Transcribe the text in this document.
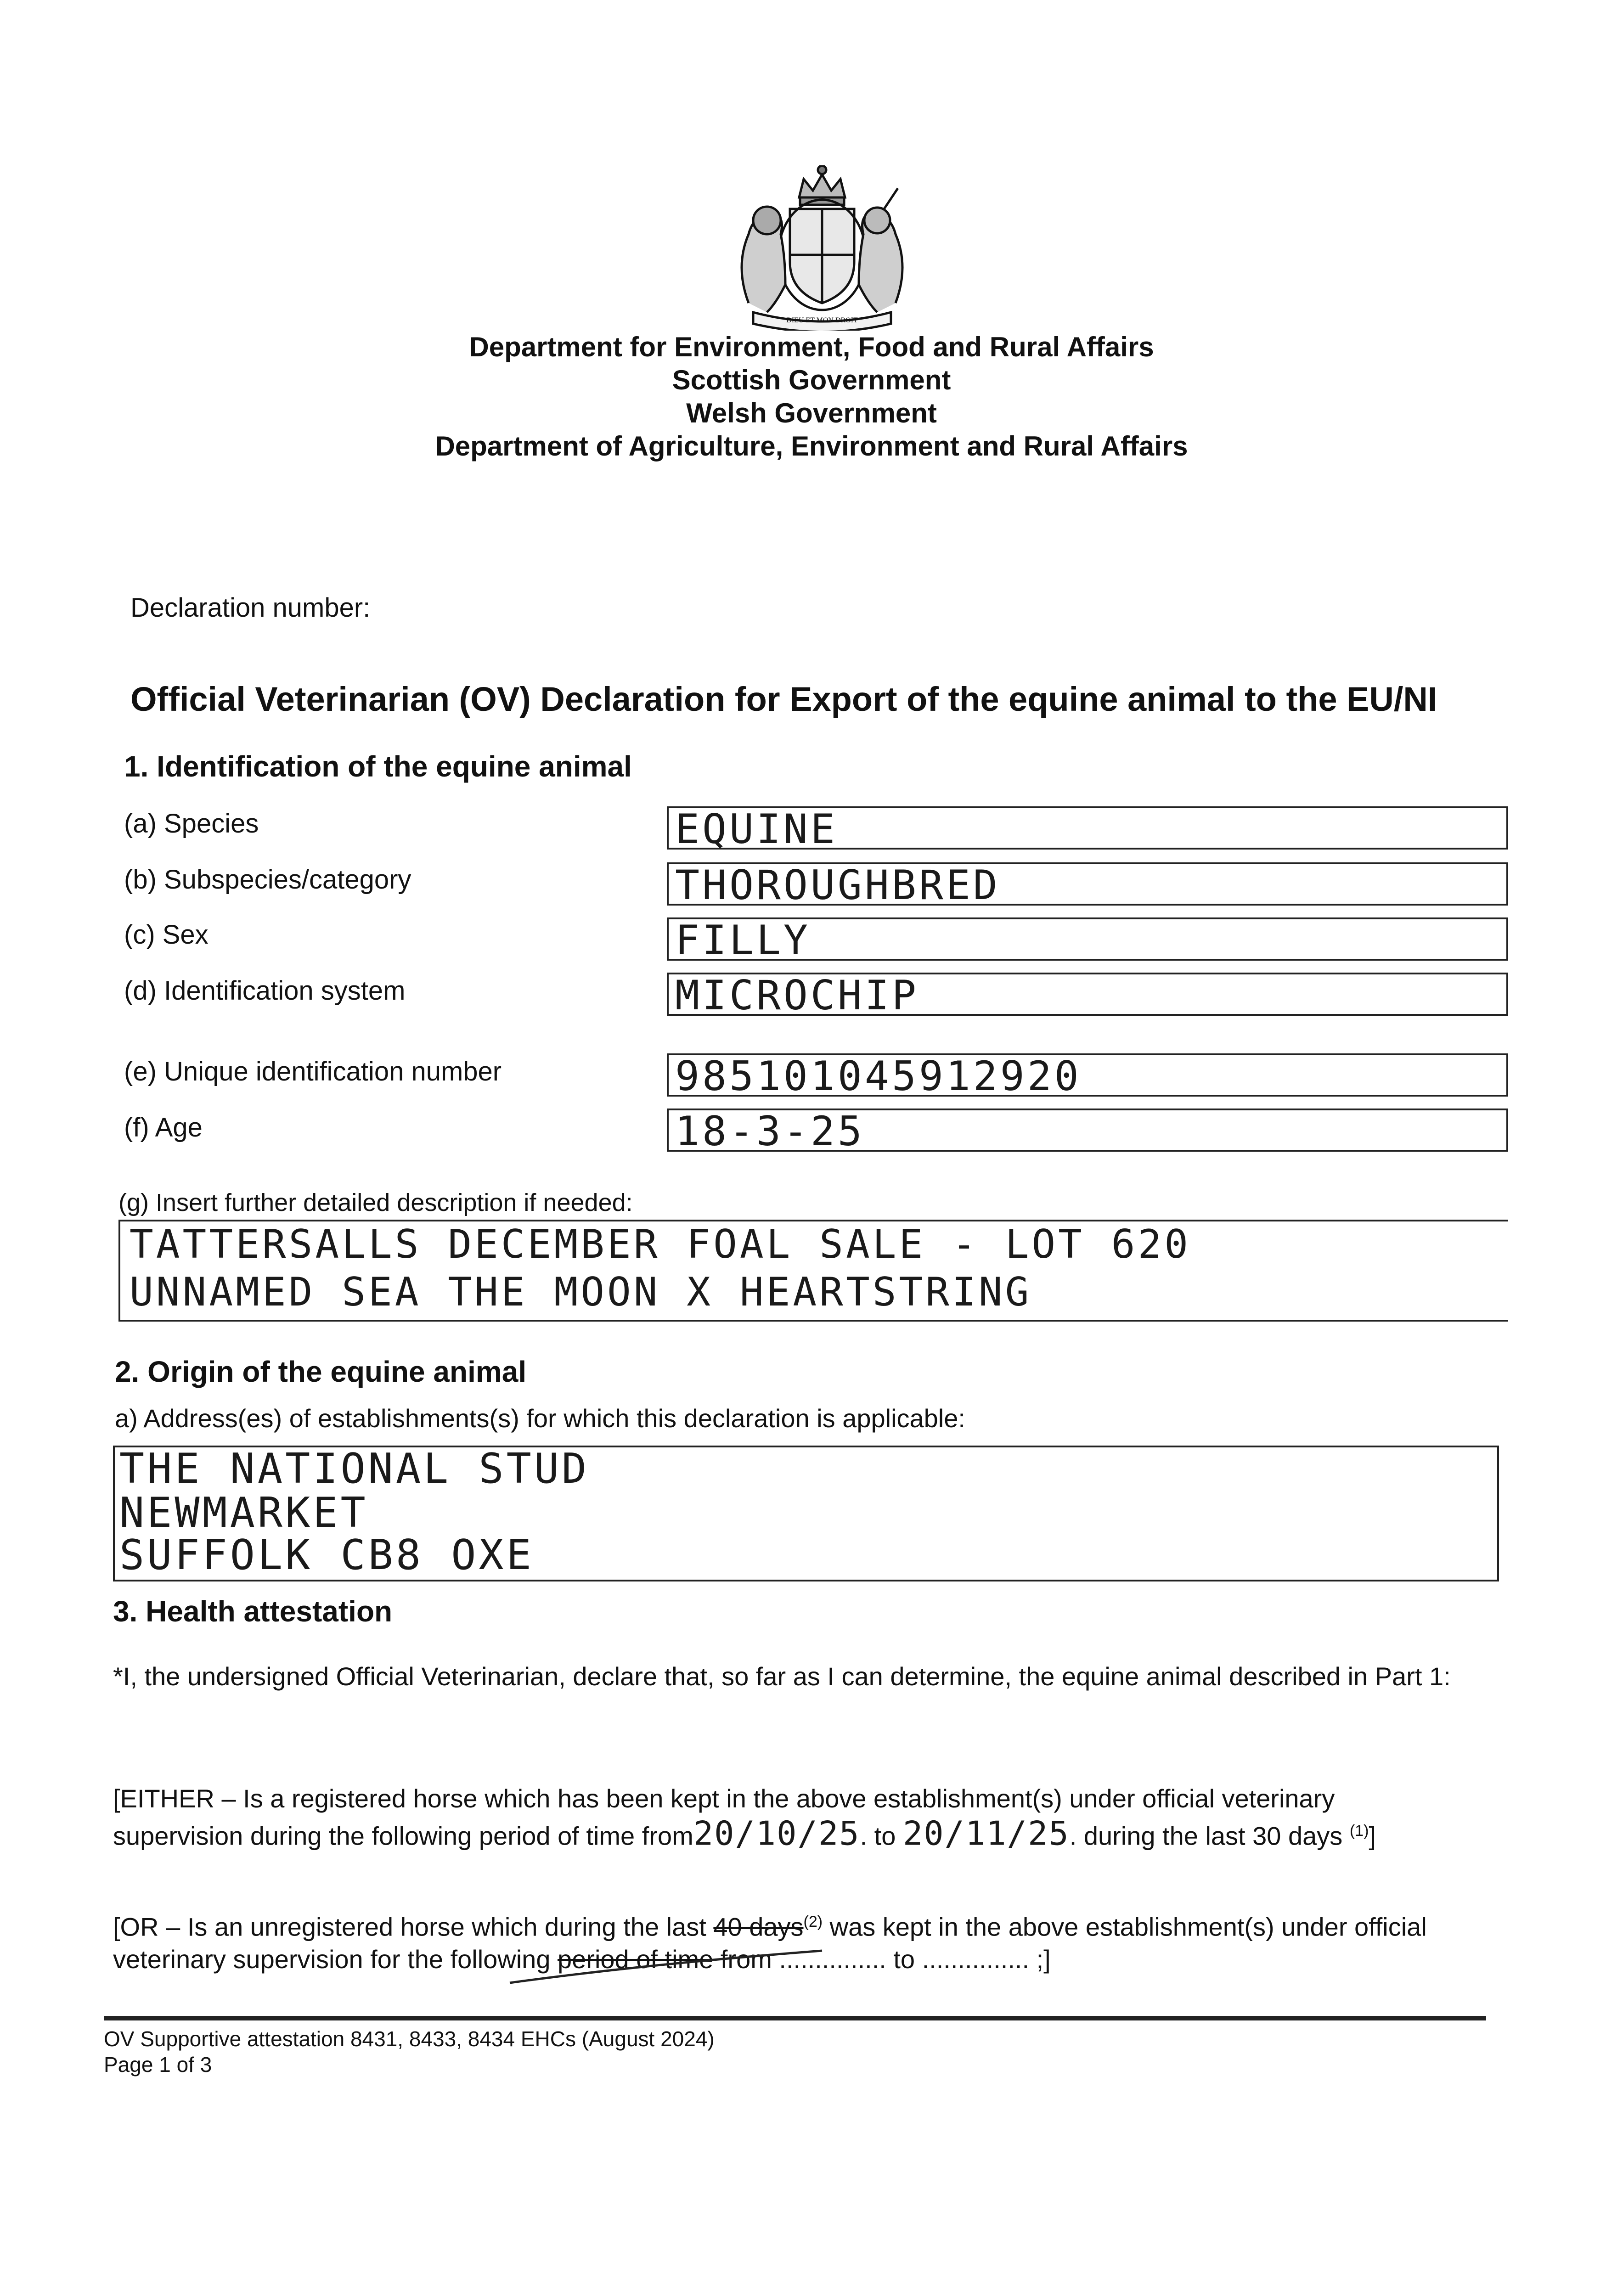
DIEU ET MON DROIT
Department for Environment, Food and Rural Affairs
Scottish Government
Welsh Government
Department of Agriculture, Environment and Rural Affairs
Declaration number:
Official Veterinarian (OV) Declaration for Export of the equine animal to the EU/NI
1. Identification of the equine animal
(a) Species	EQUINE
(b) Subspecies/category	THOROUGHBRED
(c) Sex	FILLY
(d) Identification system	MICROCHIP
(e) Unique identification number	985101045912920
(f) Age	18-3-25
(g) Insert further detailed description if needed:
TATTERSALLS DECEMBER FOAL SALE - LOT 620
UNNAMED SEA THE MOON X HEARTSTRING
2. Origin of the equine animal
a) Address(es) of establishments(s) for which this declaration is applicable:
THE NATIONAL STUD
NEWMARKET
SUFFOLK CB8 OXE
3. Health attestation
*I, the undersigned Official Veterinarian, declare that, so far as I can determine, the equine animal described in Part 1:
[EITHER – Is a registered horse which has been kept in the above establishment(s) under official veterinary
supervision during the following period of time from20/10/25. to 20/11/25. during the last 30 days $^{(1)}$]
[OR – Is an unregistered horse which during the last 40 days$^{(2)}$ was kept in the above establishment(s) under official
veterinary supervision for the following period of time from ............... to ............... ;]
OV Supportive attestation 8431, 8433, 8434 EHCs (August 2024)
Page 1 of 3
